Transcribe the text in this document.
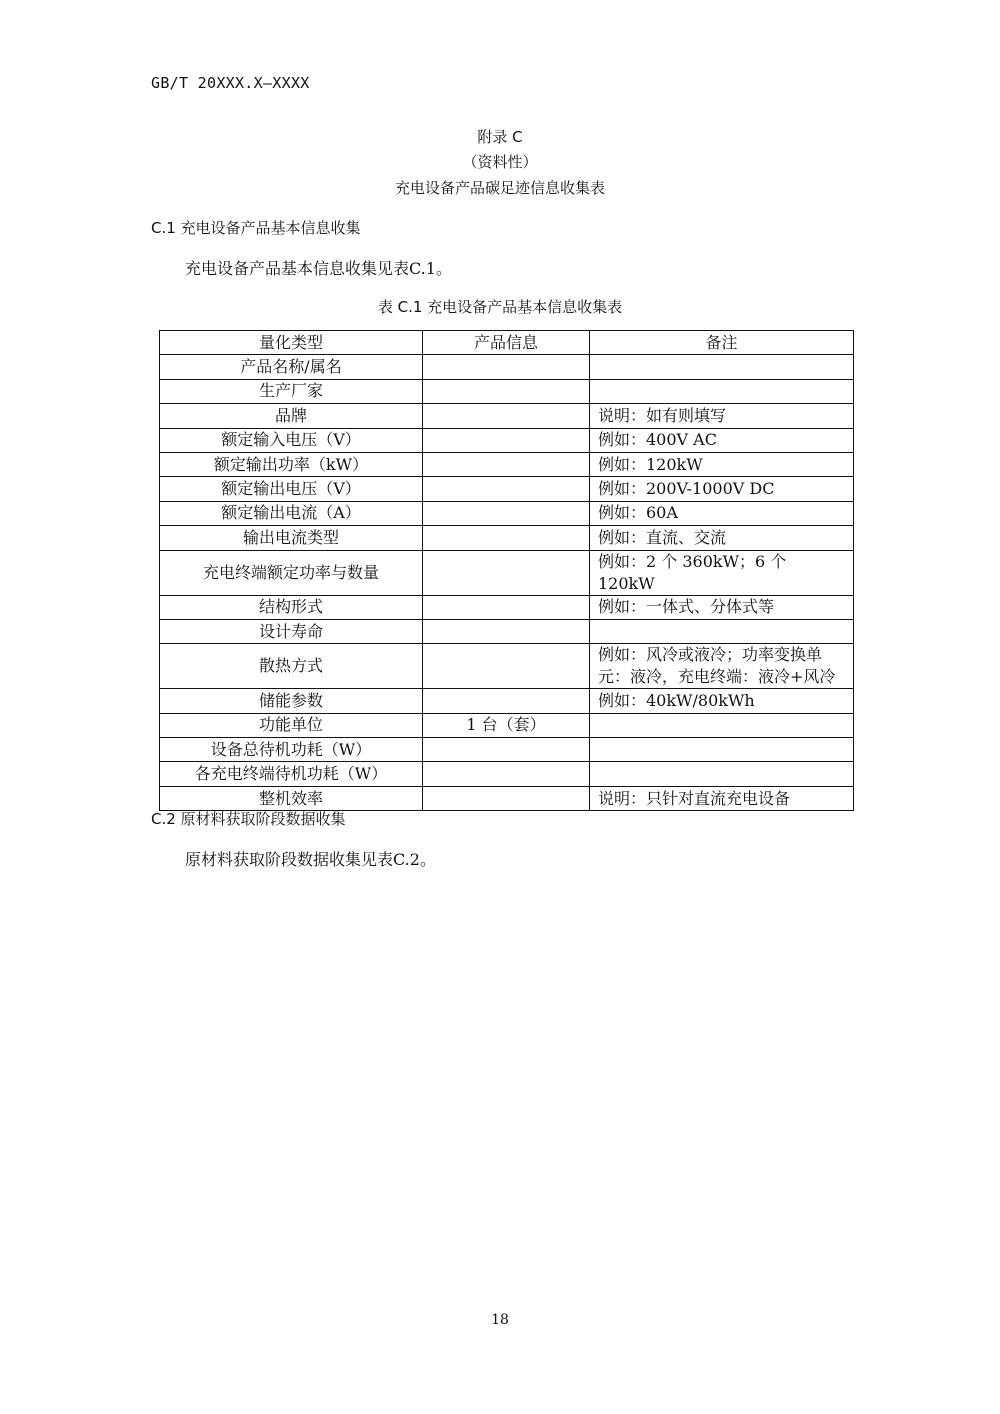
GB/T 20XXX.X—XXXX
附录 C
（资料性）
充电设备产品碳足迹信息收集表
C.1 充电设备产品基本信息收集
充电设备产品基本信息收集见表C.1。
表 C.1 充电设备产品基本信息收集表
量化类型	产品信息	备注
产品名称/属名		
生产厂家		
品牌		说明：如有则填写
额定输入电压（V）		例如：400V AC
额定输出功率（kW）		例如：120kW
额定输出电压（V）		例如：200V-1000V DC
额定输出电流（A）		例如：60A
输出电流类型		例如：直流、交流
充电终端额定功率与数量		例如：2 个 360kW；6 个 120kW
结构形式		例如：一体式、分体式等
设计寿命		
散热方式		例如：风冷或液冷；功率变换单元：液冷，充电终端：液冷+风冷
储能参数		例如：40kW/80kWh
功能单位	1 台（套）	
设备总待机功耗（W）		
各充电终端待机功耗（W）		
整机效率		说明：只针对直流充电设备
C.2 原材料获取阶段数据收集
原材料获取阶段数据收集见表C.2。
18
